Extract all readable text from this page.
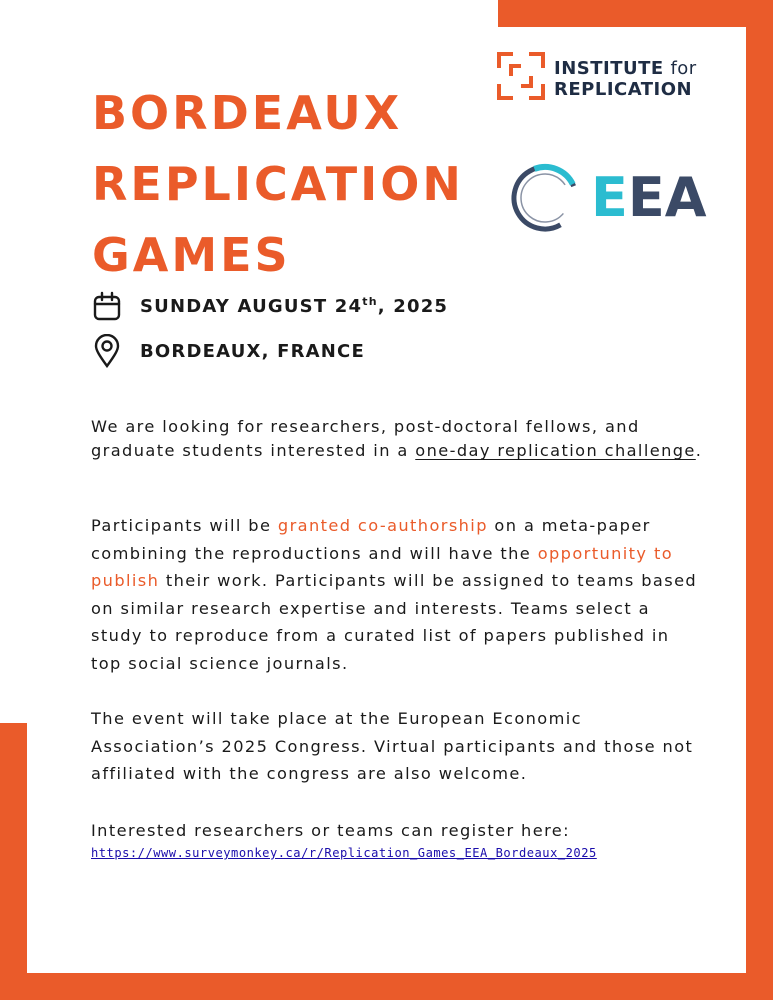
BORDEAUX
REPLICATION
GAMES
INSTITUTE for
REPLICATION
EEA
SUNDAY AUGUST 24th, 2025
BORDEAUX, FRANCE

We are looking for researchers, post-doctoral fellows, and graduate students interested in a one-day replication challenge.

Participants will be granted co-authorship on a meta-paper combining the reproductions and will have the opportunity to publish their work. Participants will be assigned to teams based on similar research expertise and interests. Teams select a study to reproduce from a curated list of papers published in top social science journals.

The event will take place at the European Economic Association’s 2025 Congress. Virtual participants and those not affiliated with the congress are also welcome.

Interested researchers or teams can register here:

https://www.surveymonkey.ca/r/Replication_Games_EEA_Bordeaux_2025
